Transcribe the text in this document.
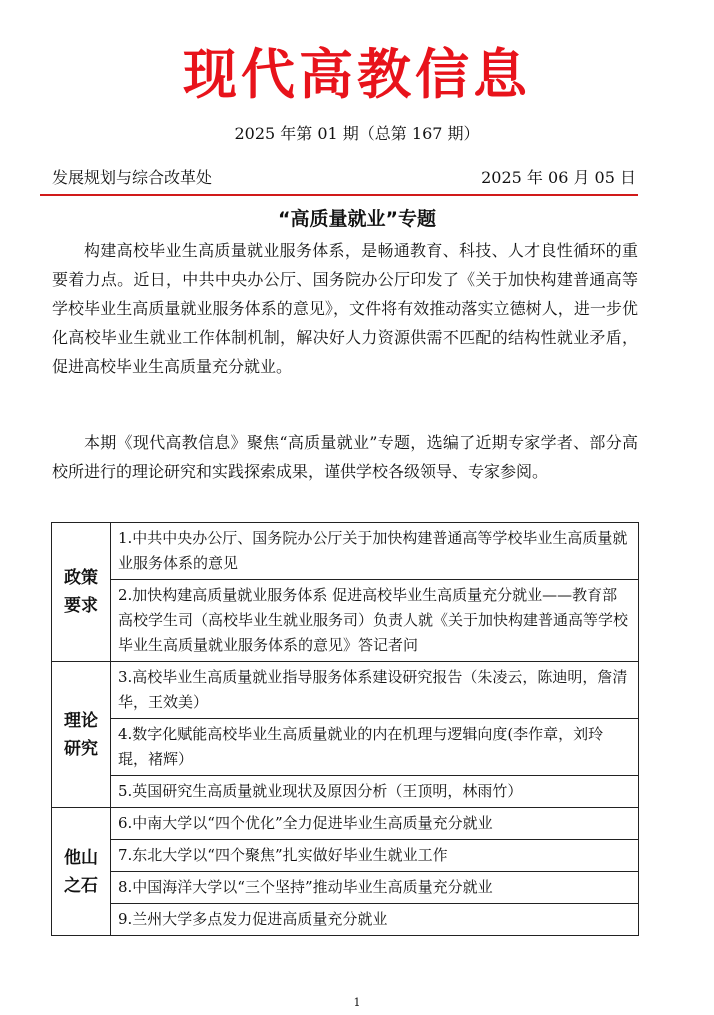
现代高教信息
2025 年第 01 期（总第 167 期）
发展规划与综合改革处	2025 年 06 月 05 日
“高质量就业”专题

构建高校毕业生高质量就业服务体系，是畅通教育、科技、人才良性循环的重要着力点。近日，中共中央办公厅、国务院办公厅印发了《关于加快构建普通高等学校毕业生高质量就业服务体系的意见》，文件将有效推动落实立德树人，进一步优化高校毕业生就业工作体制机制，解决好人力资源供需不匹配的结构性就业矛盾，促进高校毕业生高质量充分就业。

本期《现代高教信息》聚焦“高质量就业”专题，选编了近期专家学者、部分高校所进行的理论研究和实践探索成果，谨供学校各级领导、专家参阅。

政策
要求	1.中共中央办公厅、国务院办公厅关于加快构建普通高等学校毕业生高质量就业服务体系的意见
	2.加快构建高质量就业服务体系 促进高校毕业生高质量充分就业——教育部高校学生司（高校毕业生就业服务司）负责人就《关于加快构建普通高等学校毕业生高质量就业服务体系的意见》答记者问

理论
研究	3.高校毕业生高质量就业指导服务体系建设研究报告（朱凌云，陈迪明，詹清华，王效美）
	4.数字化赋能高校毕业生高质量就业的内在机理与逻辑向度(李作章，刘玲琨，褚辉）
	5.英国研究生高质量就业现状及原因分析（王顶明，林雨竹）

他山
之石	6.中南大学以“四个优化”全力促进毕业生高质量充分就业
	7.东北大学以“四个聚焦”扎实做好毕业生就业工作
	8.中国海洋大学以“三个坚持”推动毕业生高质量充分就业
	9.兰州大学多点发力促进高质量充分就业
1
